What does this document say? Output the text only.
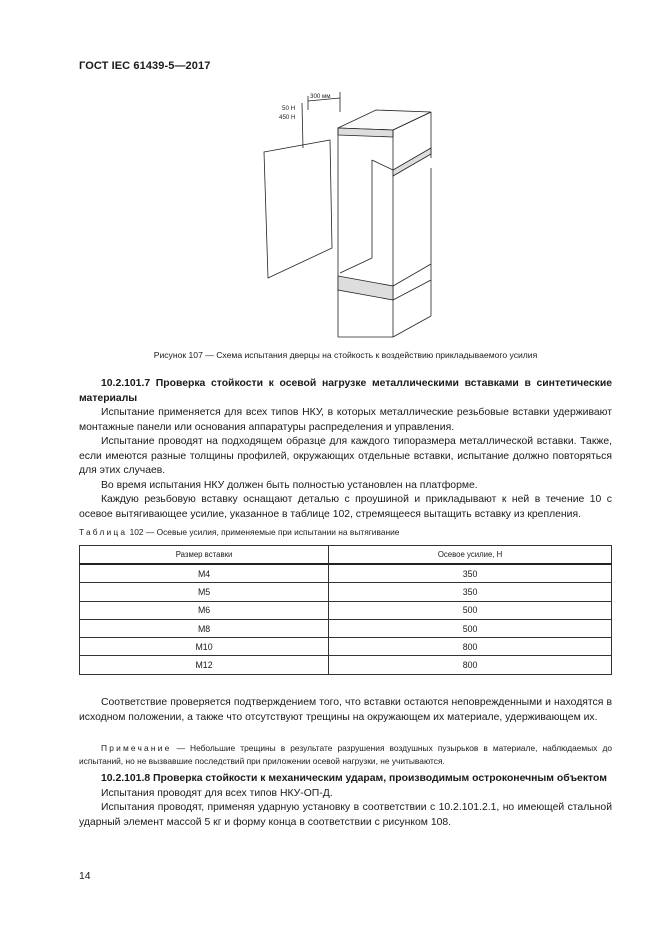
ГОСТ IEC 61439-5—2017
50 Н
450 Н
300 мм
Рисунок 107 — Схема испытания дверцы на стойкость к воздействию прикладываемого усилия

10.2.101.7 Проверка стойкости к осевой нагрузке металлическими вставками в синтетические материалы

Испытание применяется для всех типов НКУ, в которых металлические резьбовые вставки удерживают монтажные панели или основания аппаратуры распределения и управления.

Испытание проводят на подходящем образце для каждого типоразмера металлической вставки. Также, если имеются разные толщины профилей, окружающих отдельные вставки, испытание должно повторяться для этих случаев.

Во время испытания НКУ должен быть полностью установлен на платформе.

Каждую резьбовую вставку оснащают деталью с проушиной и прикладывают к ней в течение 10 с осевое вытягивающее усилие, указанное в таблице 102, стремящееся вытащить вставку из крепления.

Таблица 102 — Осевые усилия, применяемые при испытании на вытягивание
Размер вставки	Осевое усилие, Н
М4	350
М5	350
М6	500
М8	500
М10	800
М12	800

Соответствие проверяется подтверждением того, что вставки остаются неповрежденными и находятся в исходном положении, а также что отсутствуют трещины на окружающем их материале, удерживающем их.

Примечание — Небольшие трещины в результате разрушения воздушных пузырьков в материале, наблюдаемых до испытаний, но не вызвавшие последствий при приложении осевой нагрузки, не учитываются.

10.2.101.8 Проверка стойкости к механическим ударам, производимым остроконечным объектом

Испытания проводят для всех типов НКУ-ОП-Д.

Испытания проводят, применяя ударную установку в соответствии с 10.2.101.2.1, но имеющей стальной ударный элемент массой 5 кг и форму конца в соответствии с рисунком 108.

14
